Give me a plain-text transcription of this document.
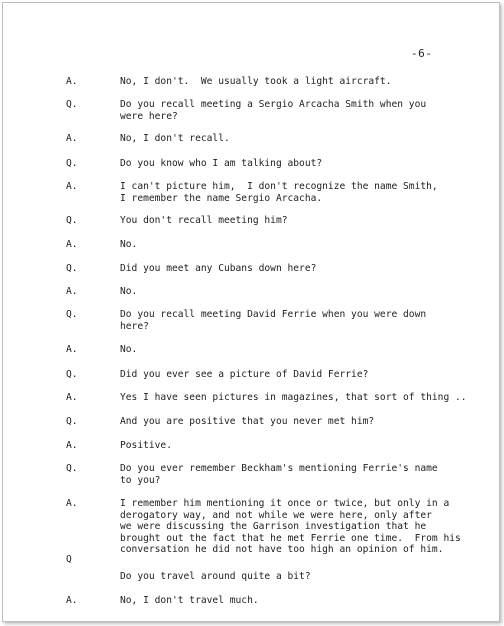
-6-
A.	No, I don't.  We usually took a light aircraft.
Q.	Do you recall meeting a Sergio Arcacha Smith when you
were here?
A.	No, I don't recall.
Q.	Do you know who I am talking about?
A.	I can't picture him,  I don't recognize the name Smith,
I remember the name Sergio Arcacha.
Q.	You don't recall meeting him?
A.	No.
Q.	Did you meet any Cubans down here?
A.	No.
Q.	Do you recall meeting David Ferrie when you were down
here?
A.	No.
Q.	Did you ever see a picture of David Ferrie?
A.	Yes I have seen pictures in magazines, that sort of thing ..
Q.	And you are positive that you never met him?
A.	Positive.
Q.	Do you ever remember Beckham's mentioning Ferrie's name
to you?
A.	I remember him mentioning it once or twice, but only in a
derogatory way, and not while we were here, only after
we were discussing the Garrison investigation that he
brought out the fact that he met Ferrie one time.  From his
conversation he did not have too high an opinion of him.
Q
Do you travel around quite a bit?
A.	No, I don't travel much.
